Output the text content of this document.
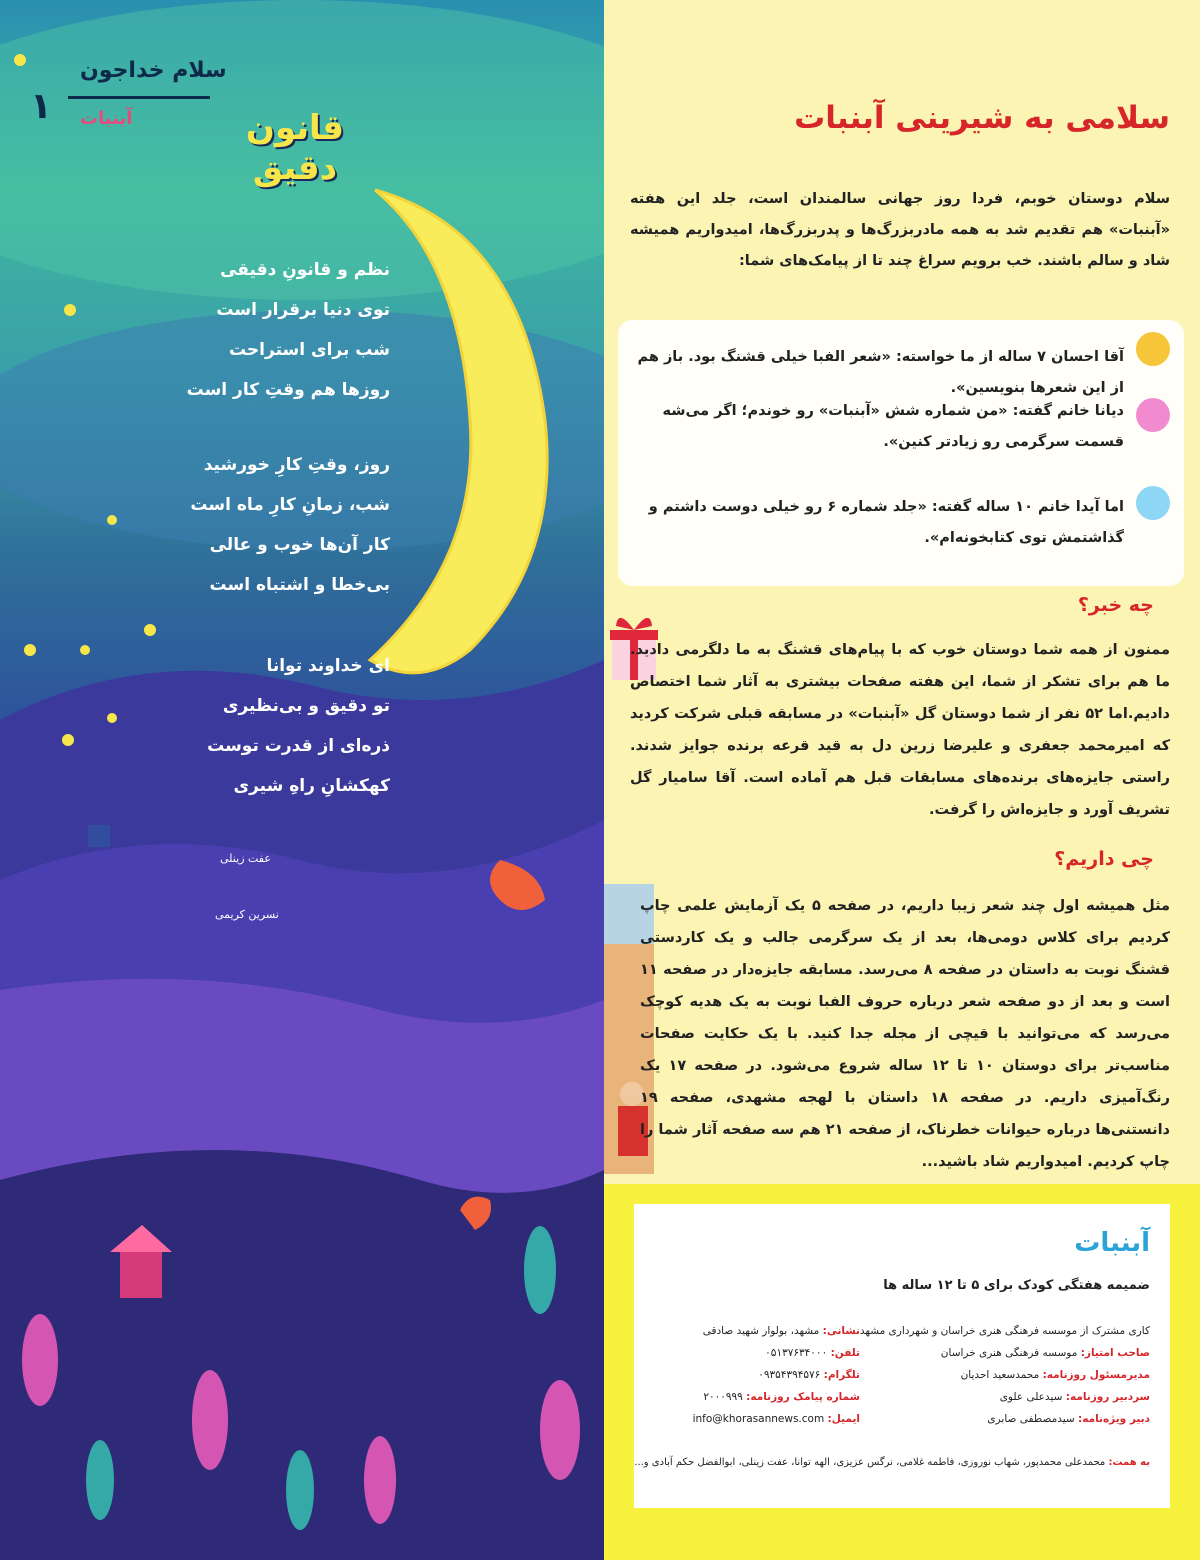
سلام خداجون
۱ آبنبات	قانون دقیق
نظم و قانونِ دقیقی
توی دنیا برقرار است
شب برای استراحت
روزها هم وقتِ کار است
روز، وقتِ کارِ خورشید
شب، زمانِ کارِ ماه است
کار آن‌ها خوب و عالی
بی‌خطا و اشتباه است
ای خداوند توانا
تو دقیق و بی‌نظیری
ذره‌ای از قدرت توست
کهکشانِ راهِ شیری
عفت زینلی
نسرین کریمی
سلامی به شیرینی آبنبات
سلام دوستان خوبم، فردا روز جهانی سالمندان است، جلد این هفته «آبنبات» هم تقدیم شد به همه مادربزرگ‌ها و پدربزرگ‌ها، امیدواریم همیشه شاد و سالم باشند. خب برویم سراغ چند تا از پیامک‌های شما:
آقا احسان ۷ ساله از ما خواسته: «شعر الفبا خیلی قشنگ بود. باز هم از این شعرها بنویسین».
دیانا خانم گفته: «من شماره شش «آبنبات» رو خوندم؛ اگر می‌شه قسمت سرگرمی رو زیادتر کنین».
اما آیدا خانم ۱۰ ساله گفته: «جلد شماره ۶ رو خیلی دوست داشتم و گذاشتمش توی کتابخونه‌ام».
چه خبر؟
ممنون از همه شما دوستان خوب که با پیام‌های قشنگ به ما دلگرمی دادید. ما هم برای تشکر از شما، این هفته صفحات بیشتری به آثار شما اختصاص دادیم.اما ۵۲ نفر از شما دوستان گل «آبنبات» در مسابقه قبلی شرکت کردید که امیرمحمد جعفری و علیرضا زرین دل به قید قرعه برنده جوایز شدند. راستی جایزه‌های برنده‌های مسابقات قبل هم آماده است. آقا سامیار گل تشریف آورد و جایزه‌اش را گرفت.
چی داریم؟
مثل همیشه اول چند شعر زیبا داریم، در صفحه ۵ یک آزمایش علمی چاپ کردیم برای کلاس دومی‌ها، بعد از یک سرگرمی جالب و یک کاردستی قشنگ نوبت به داستان در صفحه ۸ می‌رسد. مسابقه جایزه‌دار در صفحه ۱۱ است و بعد از دو صفحه شعر درباره حروف الفبا نوبت به یک هدیه کوچک می‌رسد که می‌توانید با قیچی از مجله جدا کنید. با یک حکایت صفحات مناسب‌تر برای دوستان ۱۰ تا ۱۲ ساله شروع می‌شود. در صفحه ۱۷ یک رنگ‌آمیزی داریم. در صفحه ۱۸ داستان با لهجه مشهدی، صفحه ۱۹ دانستنی‌ها درباره حیوانات خطرناک، از صفحه ۲۱ هم سه صفحه آثار شما را چاپ کردیم. امیدواریم شاد باشید...
آبنبات
ضمیمه هفتگی کودک برای ۵ تا ۱۲ ساله ها
کاری مشترک از موسسه فرهنگی هنری خراسان و شهرداری مشهد
صاحب امتیاز: موسسه فرهنگی هنری خراسان
مدیرمسئول روزنامه: محمدسعید احدیان
سردبیر روزنامه: سیدعلی علوی
دبیر ویژه‌نامه: سیدمصطفی صابری
نشانی: مشهد، بولوار شهید صادقی
تلفن: ۰۵۱۳۷۶۳۴۰۰۰
تلگرام: ۰۹۳۵۴۳۹۴۵۷۶
شماره پیامک روزنامه: ۲۰۰۰۹۹۹
ایمیل: info@khorasannews.com
به همت: محمدعلی محمدپور، شهاب نوروزی، فاطمه غلامی، نرگس عزیزی، الهه توانا، عفت زینلی، ابوالفضل حکم آبادی و...
